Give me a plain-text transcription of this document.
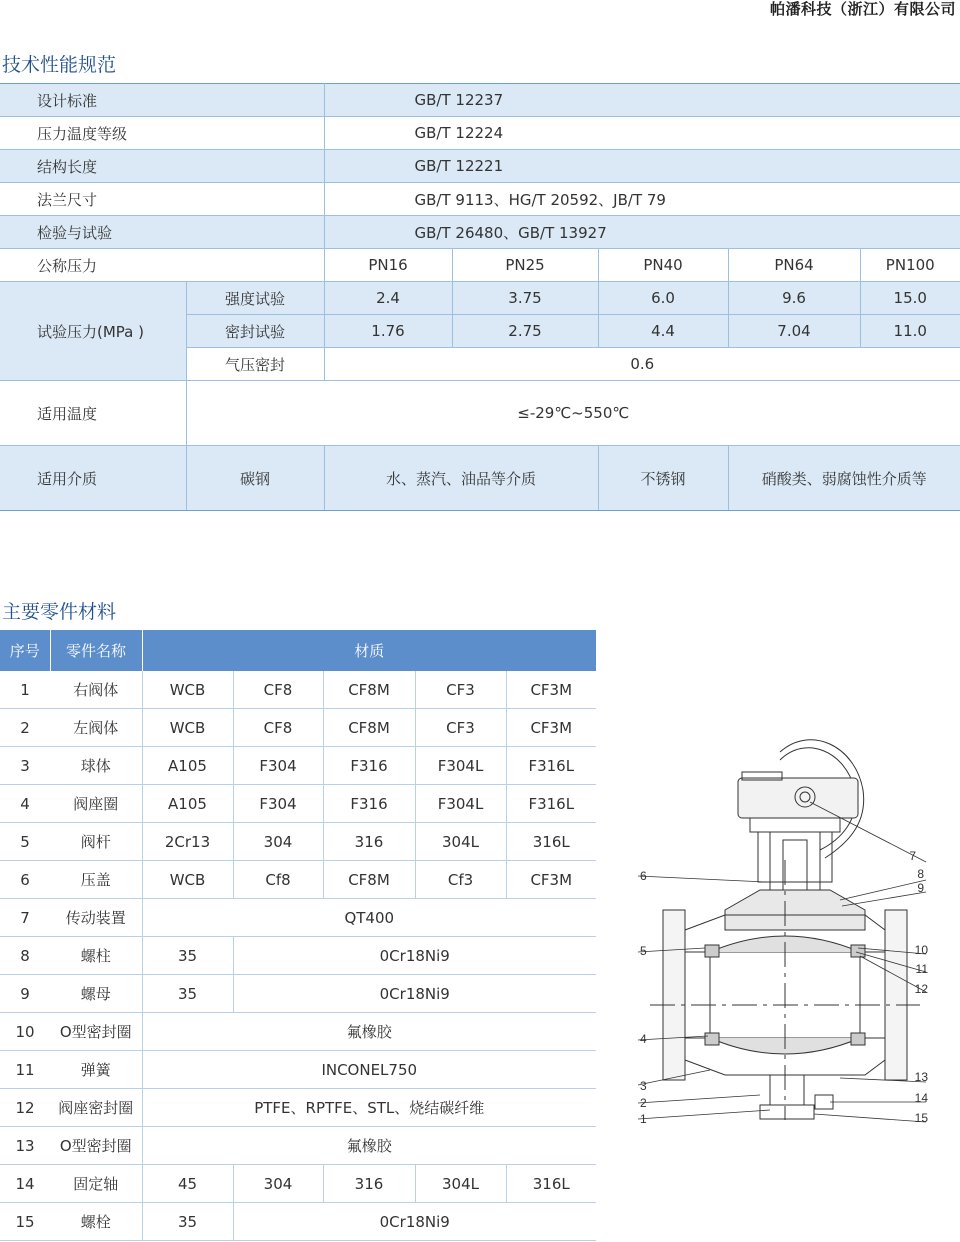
帕潘科技（浙江）有限公司
技术性能规范
设计标准		GB/T 12237				
压力温度等级		GB/T 12224				
结构长度		GB/T 12221				
法兰尺寸		GB/T 9113、HG/T 20592、JB/T 79				
检验与试验		GB/T 26480、GB/T 13927				
公称压力		PN16	PN25	PN40	PN64	PN100
试验压力(MPa )	强度试验	2.4	3.75	6.0	9.6	15.0
	密封试验	1.76	2.75	4.4	7.04	11.0
	气压密封	0.6				
适用温度	≤-29℃~550℃					
适用介质	碳钢	水、蒸汽、油品等介质		不锈钢	硝酸类、弱腐蚀性介质等	
主要零件材料
序号	零件名称	材质				
1	右阀体	WCB	CF8	CF8M	CF3	CF3M
2	左阀体	WCB	CF8	CF8M	CF3	CF3M
3	球体	A105	F304	F316	F304L	F316L
4	阀座圈	A105	F304	F316	F304L	F316L
5	阀杆	2Cr13	304	316	304L	316L
6	压盖	WCB	Cf8	CF8M	Cf3	CF3M
7	传动装置	QT400				
8	螺柱	35	0Cr18Ni9			
9	螺母	35	0Cr18Ni9			
10	O型密封圈	氟橡胶				
11	弹簧	INCONEL750				
12	阀座密封圈	PTFE、RPTFE、STL、烧结碳纤维				
13	O型密封圈	氟橡胶				
14	固定轴	45	304	316	304L	316L
15	螺栓	35	0Cr18Ni9			
6
5
4
3
2
1
7
8
9
10
11
12
13
14
15
